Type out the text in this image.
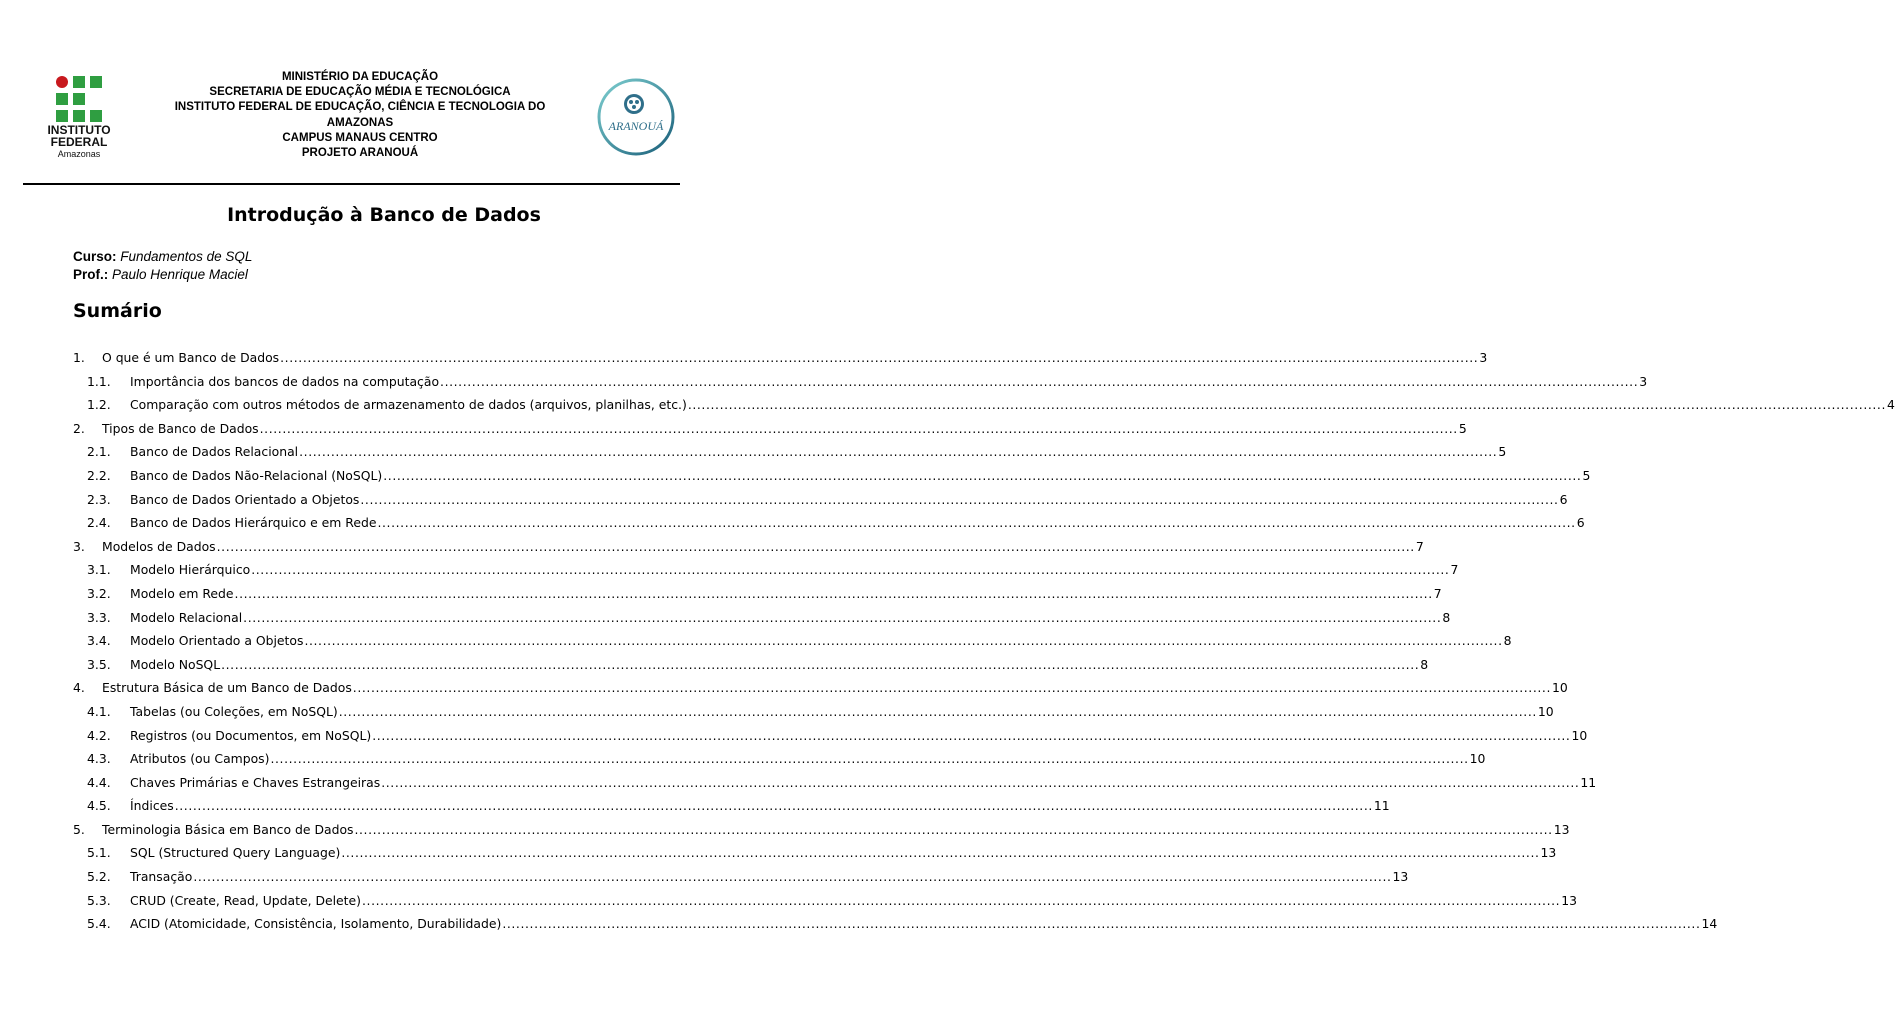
INSTITUTO
FEDERAL
Amazonas
MINISTÉRIO DA EDUCAÇÃO
SECRETARIA DE EDUCAÇÃO MÉDIA E TECNOLÓGICA
INSTITUTO FEDERAL DE EDUCAÇÃO, CIÊNCIA E TECNOLOGIA DO
AMAZONAS
CAMPUS MANAUS CENTRO
PROJETO ARANOUÁ
ARANOUÁ
Introdução à Banco de Dados
Curso: Fundamentos de SQL
Prof.: Paulo Henrique Maciel
Sumário
1.	O que é um Banco de Dados .....	3
1.1.	Importância dos bancos de dados na computação .....	3
1.2.	Comparação com outros métodos de armazenamento de dados (arquivos, planilhas, etc.) .....	4
2.	Tipos de Banco de Dados .....	5
2.1.	Banco de Dados Relacional .....	5
2.2.	Banco de Dados Não-Relacional (NoSQL) .....	5
2.3.	Banco de Dados Orientado a Objetos .....	6
2.4.	Banco de Dados Hierárquico e em Rede .....	6
3.	Modelos de Dados .....	7
3.1.	Modelo Hierárquico .....	7
3.2.	Modelo em Rede .....	7
3.3.	Modelo Relacional .....	8
3.4.	Modelo Orientado a Objetos .....	8
3.5.	Modelo NoSQL .....	8
4.	Estrutura Básica de um Banco de Dados .....	10
4.1.	Tabelas (ou Coleções, em NoSQL) .....	10
4.2.	Registros (ou Documentos, em NoSQL) .....	10
4.3.	Atributos (ou Campos) .....	10
4.4.	Chaves Primárias e Chaves Estrangeiras .....	11
4.5.	Índices .....	11
5.	Terminologia Básica em Banco de Dados .....	13
5.1.	SQL (Structured Query Language) .....	13
5.2.	Transação .....	13
5.3.	CRUD (Create, Read, Update, Delete) .....	13
5.4.	ACID (Atomicidade, Consistência, Isolamento, Durabilidade) .....	14
